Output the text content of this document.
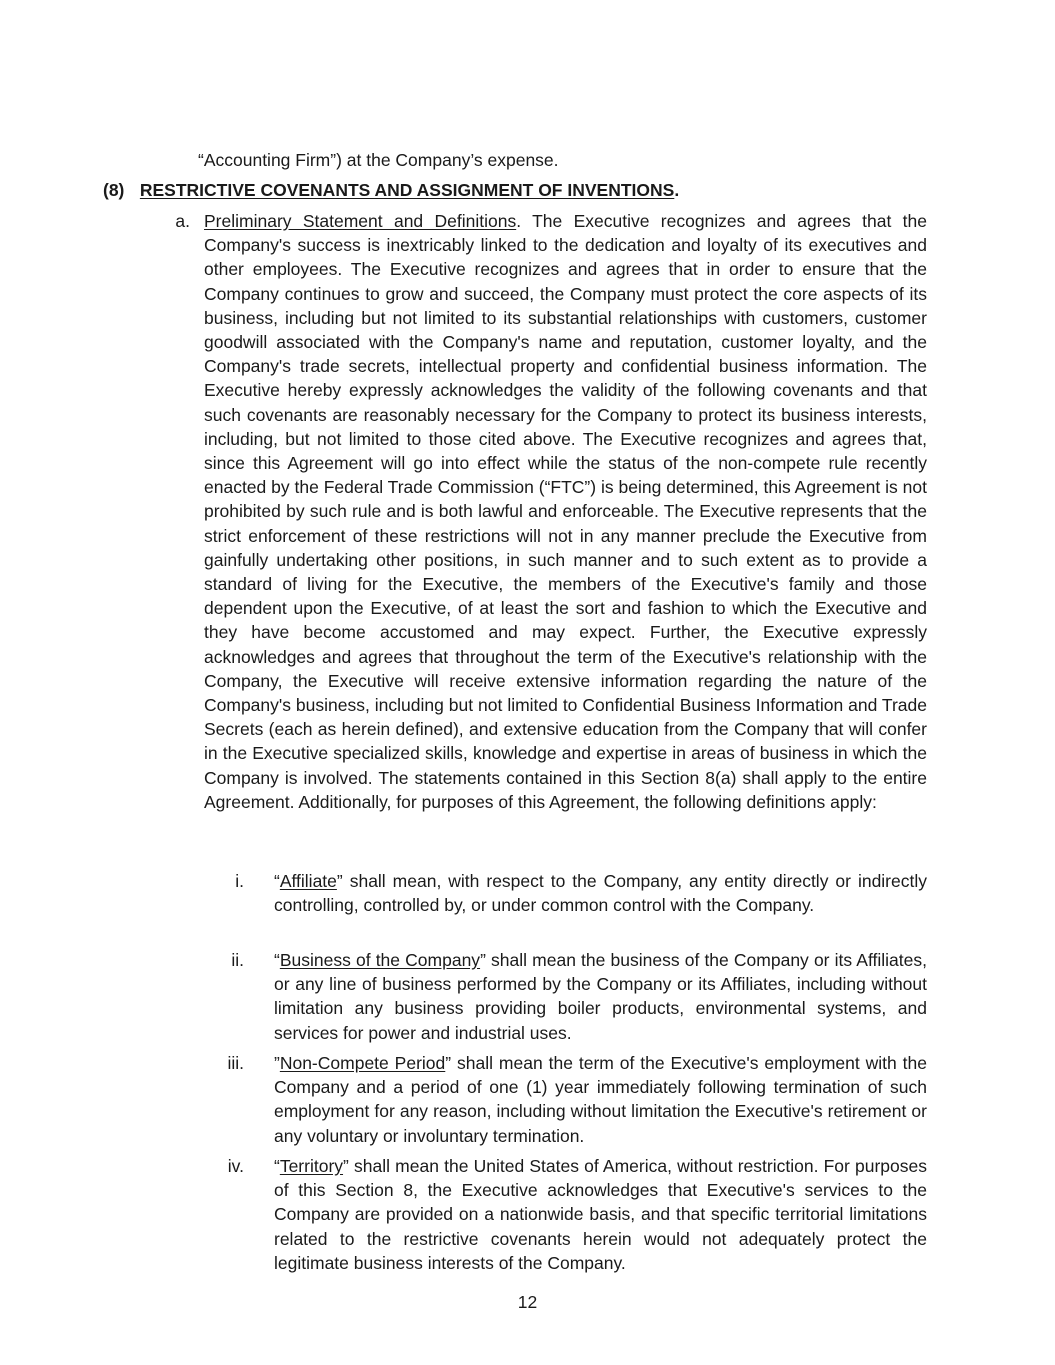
“Accounting Firm”) at the Company’s expense.
(8) RESTRICTIVE COVENANTS AND ASSIGNMENT OF INVENTIONS.
a. Preliminary Statement and Definitions. The Executive recognizes and agrees that the Company's success is inextricably linked to the dedication and loyalty of its executives and other employees. The Executive recognizes and agrees that in order to ensure that the Company continues to grow and succeed, the Company must protect the core aspects of its business, including but not limited to its substantial relationships with customers, customer goodwill associated with the Company's name and reputation, customer loyalty, and the Company's trade secrets, intellectual property and confidential business information. The Executive hereby expressly acknowledges the validity of the following covenants and that such covenants are reasonably necessary for the Company to protect its business interests, including, but not limited to those cited above. The Executive recognizes and agrees that, since this Agreement will go into effect while the status of the non-compete rule recently enacted by the Federal Trade Commission (“FTC”) is being determined, this Agreement is not prohibited by such rule and is both lawful and enforceable. The Executive represents that the strict enforcement of these restrictions will not in any manner preclude the Executive from gainfully undertaking other positions, in such manner and to such extent as to provide a standard of living for the Executive, the members of the Executive's family and those dependent upon the Executive, of at least the sort and fashion to which the Executive and they have become accustomed and may expect. Further, the Executive expressly acknowledges and agrees that throughout the term of the Executive's relationship with the Company, the Executive will receive extensive information regarding the nature of the Company's business, including but not limited to Confidential Business Information and Trade Secrets (each as herein defined), and extensive education from the Company that will confer in the Executive specialized skills, knowledge and expertise in areas of business in which the Company is involved. The statements contained in this Section 8(a) shall apply to the entire Agreement. Additionally, for purposes of this Agreement, the following definitions apply:
i. “Affiliate” shall mean, with respect to the Company, any entity directly or indirectly controlling, controlled by, or under common control with the Company.
ii. “Business of the Company” shall mean the business of the Company or its Affiliates, or any line of business performed by the Company or its Affiliates, including without limitation any business providing boiler products, environmental systems, and services for power and industrial uses.
iii. ”Non-Compete Period” shall mean the term of the Executive's employment with the Company and a period of one (1) year immediately following termination of such employment for any reason, including without limitation the Executive's retirement or any voluntary or involuntary termination.
iv. “Territory” shall mean the United States of America, without restriction. For purposes of this Section 8, the Executive acknowledges that Executive's services to the Company are provided on a nationwide basis, and that specific territorial limitations related to the restrictive covenants herein would not adequately protect the legitimate business interests of the Company.
12
